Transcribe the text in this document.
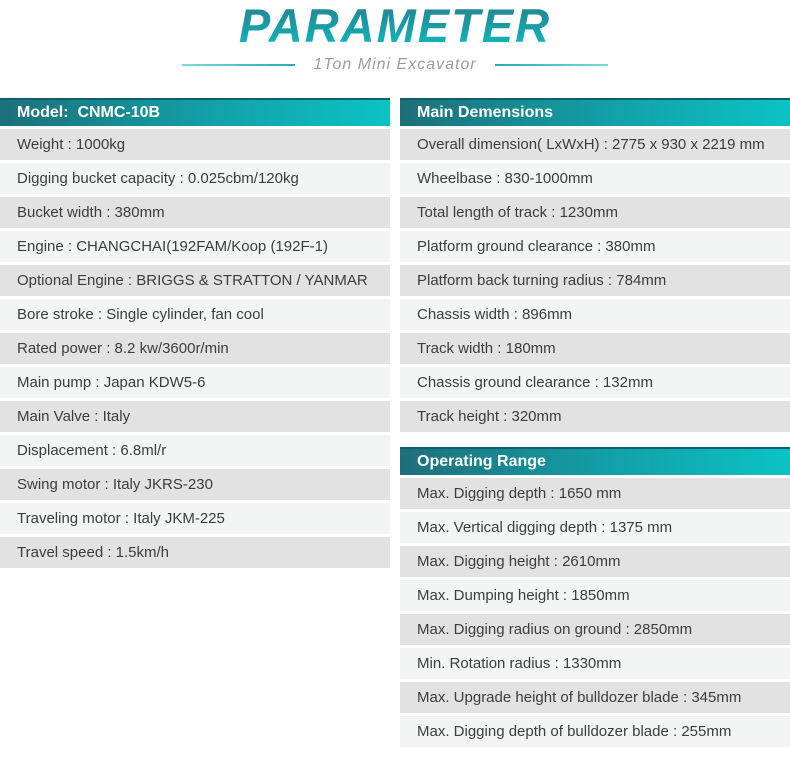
PARAMETER
1Ton Mini Excavator
Model:  CNMC-10B
Weight : 1000kg
Digging bucket capacity : 0.025cbm/120kg
Bucket width : 380mm
Engine : CHANGCHAI(192FAM/Koop (192F-1)
Optional Engine : BRIGGS & STRATTON / YANMAR
Bore stroke : Single cylinder, fan cool
Rated power : 8.2 kw/3600r/min
Main pump : Japan KDW5-6
Main Valve : Italy
Displacement : 6.8ml/r
Swing motor : Italy JKRS-230
Traveling motor : Italy JKM-225
Travel speed : 1.5km/h
Main Demensions
Overall dimension( LxWxH) : 2775 x 930 x 2219 mm
Wheelbase : 830-1000mm
Total length of track : 1230mm
Platform ground clearance : 380mm
Platform back turning radius : 784mm
Chassis width : 896mm
Track width : 180mm
Chassis ground clearance : 132mm
Track height : 320mm
Operating Range
Max. Digging depth : 1650 mm
Max. Vertical digging depth : 1375 mm
Max. Digging height : 2610mm
Max. Dumping height : 1850mm
Max. Digging radius on ground : 2850mm
Min. Rotation radius : 1330mm
Max. Upgrade height of bulldozer blade : 345mm
Max. Digging depth of bulldozer blade : 255mm
